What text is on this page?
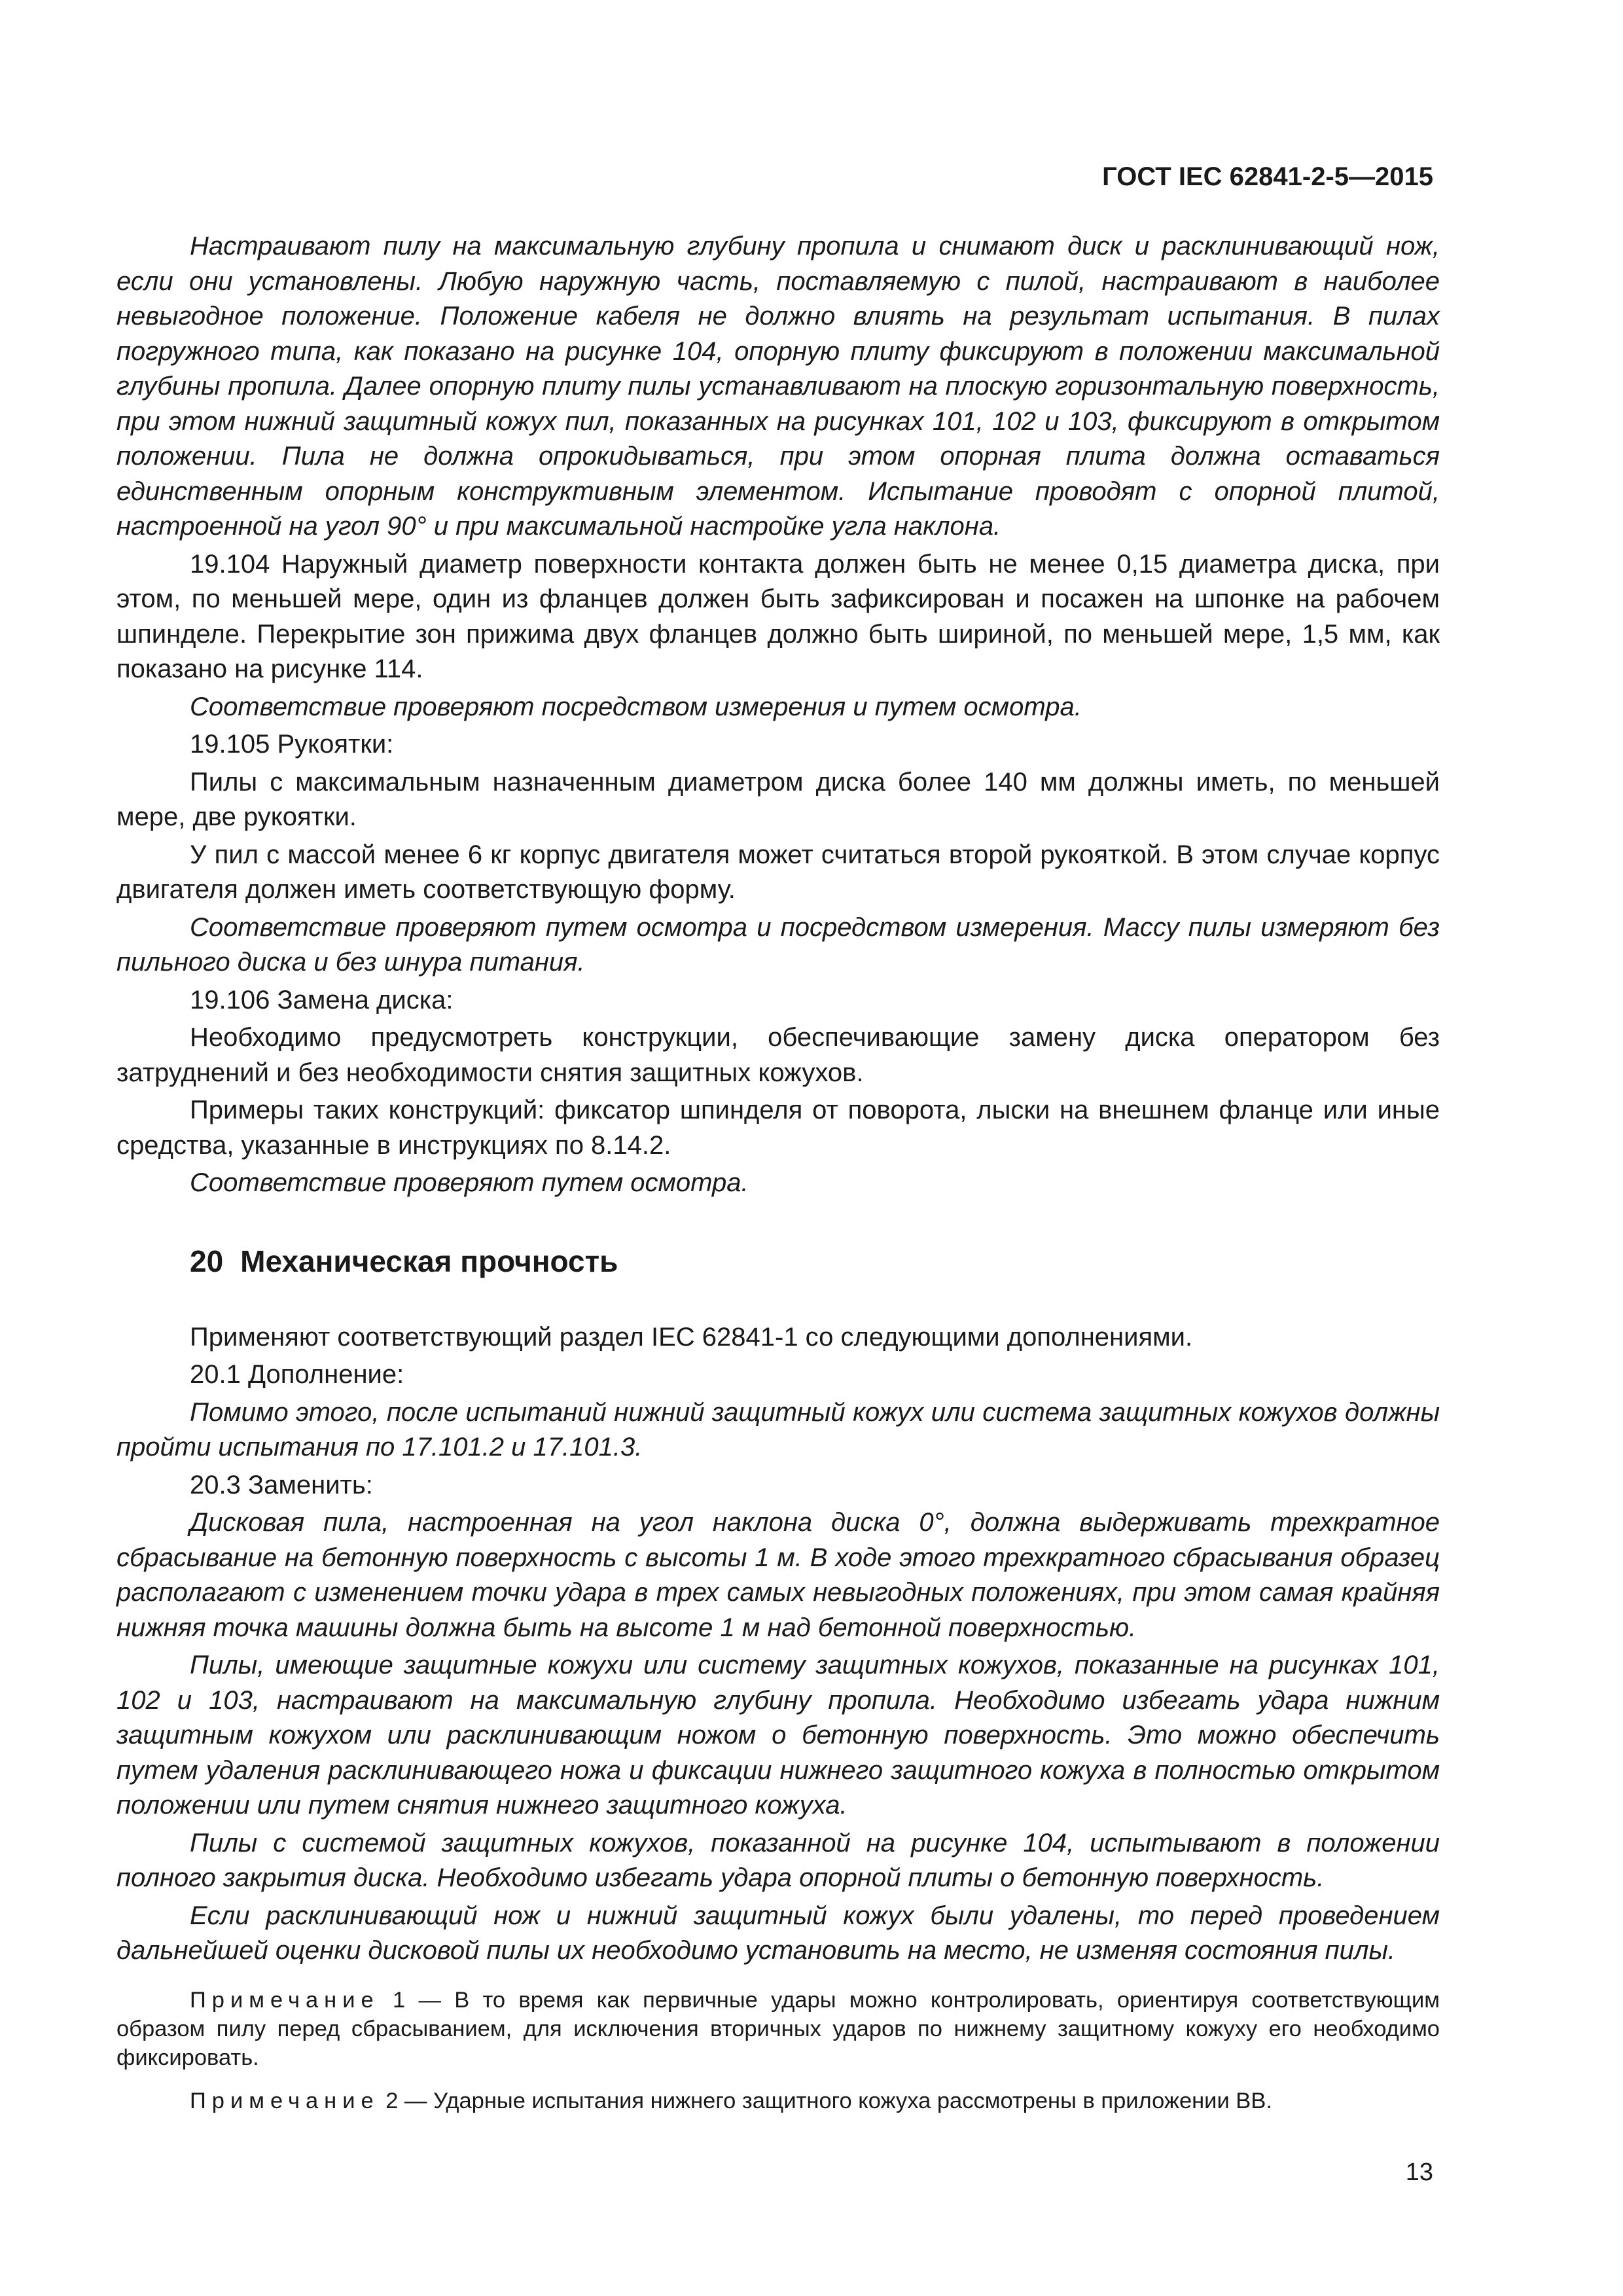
ГОСТ IEC 62841-2-5—2015

Настраивают пилу на максимальную глубину пропила и снимают диск и расклинивающий нож, если они установлены. Любую наружную часть, поставляемую с пилой, настраивают в наиболее невыгодное положение. Положение кабеля не должно влиять на результат испытания. В пилах погружного типа, как показано на рисунке 104, опорную плиту фиксируют в положении максимальной глубины пропила. Далее опорную плиту пилы устанавливают на плоскую горизонтальную поверхность, при этом нижний защитный кожух пил, показанных на рисунках 101, 102 и 103, фиксируют в открытом положении. Пила не должна опрокидываться, при этом опорная плита должна оставаться единственным опорным конструктивным элементом. Испытание проводят с опорной плитой, настроенной на угол 90° и при максимальной настройке угла наклона.

19.104 Наружный диаметр поверхности контакта должен быть не менее 0,15 диаметра диска, при этом, по меньшей мере, один из фланцев должен быть зафиксирован и посажен на шпонке на рабочем шпинделе. Перекрытие зон прижима двух фланцев должно быть шириной, по меньшей мере, 1,5 мм, как показано на рисунке 114.

Соответствие проверяют посредством измерения и путем осмотра.

19.105 Рукоятки:

Пилы с максимальным назначенным диаметром диска более 140 мм должны иметь, по меньшей мере, две рукоятки.

У пил с массой менее 6 кг корпус двигателя может считаться второй рукояткой. В этом случае корпус двигателя должен иметь соответствующую форму.

Соответствие проверяют путем осмотра и посредством измерения. Массу пилы измеряют без пильного диска и без шнура питания.

19.106 Замена диска:

Необходимо предусмотреть конструкции, обеспечивающие замену диска оператором без затруднений и без необходимости снятия защитных кожухов.

Примеры таких конструкций: фиксатор шпинделя от поворота, лыски на внешнем фланце или иные средства, указанные в инструкциях по 8.14.2.

Соответствие проверяют путем осмотра.

20 Механическая прочность

Применяют соответствующий раздел IEC 62841-1 со следующими дополнениями.

20.1 Дополнение:

Помимо этого, после испытаний нижний защитный кожух или система защитных кожухов должны пройти испытания по 17.101.2 и 17.101.3.

20.3 Заменить:

Дисковая пила, настроенная на угол наклона диска 0°, должна выдерживать трехкратное сбрасывание на бетонную поверхность с высоты 1 м. В ходе этого трехкратного сбрасывания образец располагают с изменением точки удара в трех самых невыгодных положениях, при этом самая крайняя нижняя точка машины должна быть на высоте 1 м над бетонной поверхностью.

Пилы, имеющие защитные кожухи или систему защитных кожухов, показанные на рисунках 101, 102 и 103, настраивают на максимальную глубину пропила. Необходимо избегать удара нижним защитным кожухом или расклинивающим ножом о бетонную поверхность. Это можно обеспечить путем удаления расклинивающего ножа и фиксации нижнего защитного кожуха в полностью открытом положении или путем снятия нижнего защитного кожуха.

Пилы с системой защитных кожухов, показанной на рисунке 104, испытывают в положении полного закрытия диска. Необходимо избегать удара опорной плиты о бетонную поверхность.

Если расклинивающий нож и нижний защитный кожух были удалены, то перед проведением дальнейшей оценки дисковой пилы их необходимо установить на место, не изменяя состояния пилы.

Примечание 1 — В то время как первичные удары можно контролировать, ориентируя соответствующим образом пилу перед сбрасыванием, для исключения вторичных ударов по нижнему защитному кожуху его необходимо фиксировать.

Примечание 2 — Ударные испытания нижнего защитного кожуха рассмотрены в приложении ВВ.

13
